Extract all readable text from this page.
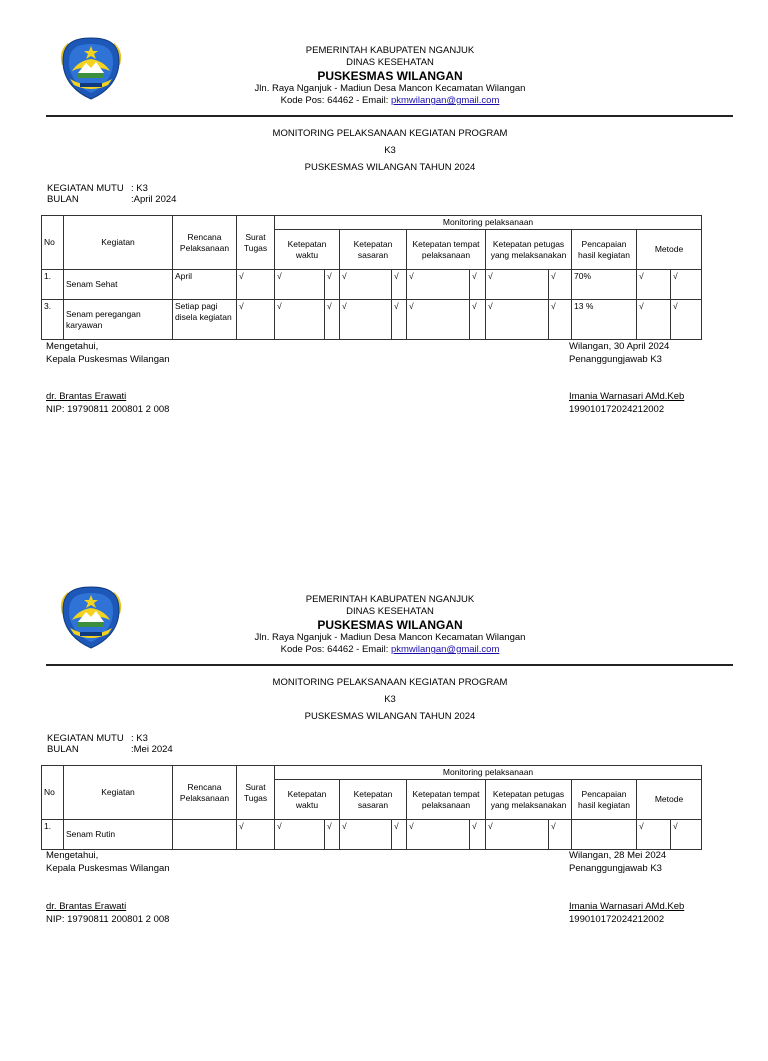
PEMERINTAH KABUPATEN NGANJUK
DINAS KESEHATAN
PUSKESMAS WILANGAN
Jln. Raya Nganjuk - Madiun Desa Mancon Kecamatan Wilangan
Kode Pos: 64462 - Email: pkmwilangan@gmail.com
MONITORING PELAKSANAAN KEGIATAN PROGRAM
K3
PUSKESMAS WILANGAN TAHUN 2024
KEGIATAN MUTU : K3
BULAN	:April 2024
No	Kegiatan	Rencana Pelaksanaan	Surat Tugas	Monitoring pelaksanaan										
				Ketepatan waktu		Ketepatan sasaran		Ketepatan tempat pelaksanaan		Ketepatan petugas yang melaksanakan		Pencapaian hasil kegiatan	Metode	
1.	Senam Sehat	April	√	√	√	√	√	√	√	√	√	70%	√	√
3.	Senam peregangan karyawan	Setiap pagi disela kegiatan	√	√	√	√	√	√	√	√	√	13 %	√	√
Mengetahui,
Kepala Puskesmas Wilangan
dr. Brantas Erawati
NIP: 19790811 200801 2 008
Wilangan, 30 April 2024
Penanggungjawab K3
Imania Warnasari AMd.Keb
199010172024212002
PEMERINTAH KABUPATEN NGANJUK
DINAS KESEHATAN
PUSKESMAS WILANGAN
Jln. Raya Nganjuk - Madiun Desa Mancon Kecamatan Wilangan
Kode Pos: 64462 - Email: pkmwilangan@gmail.com
MONITORING PELAKSANAAN KEGIATAN PROGRAM
K3
PUSKESMAS WILANGAN TAHUN 2024
KEGIATAN MUTU : K3
BULAN	:Mei 2024
No	Kegiatan	Rencana Pelaksanaan	Surat Tugas	Monitoring pelaksanaan										
				Ketepatan waktu		Ketepatan sasaran		Ketepatan tempat pelaksanaan		Ketepatan petugas yang melaksanakan		Pencapaian hasil kegiatan	Metode	
1.	Senam Rutin		√	√	√	√	√	√	√	√	√		√	√
Mengetahui,
Kepala Puskesmas Wilangan
dr. Brantas Erawati
NIP: 19790811 200801 2 008
Wilangan, 28 Mei 2024
Penanggungjawab K3
Imania Warnasari AMd.Keb
199010172024212002
